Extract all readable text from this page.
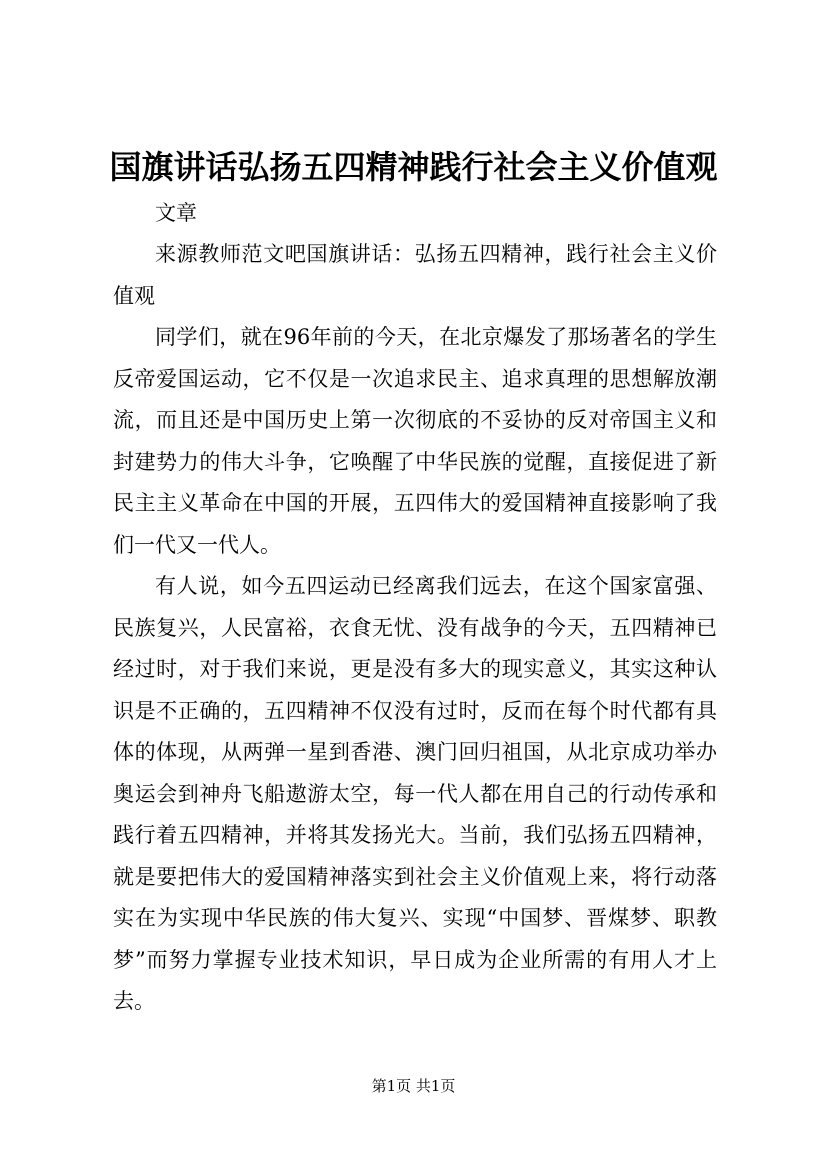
国旗讲话弘扬五四精神践行社会主义价值观

文章

来源教师范文吧国旗讲话：弘扬五四精神，践行社会主义价值观

同学们，就在96年前的今天，在北京爆发了那场著名的学生反帝爱国运动，它不仅是一次追求民主、追求真理的思想解放潮流，而且还是中国历史上第一次彻底的不妥协的反对帝国主义和封建势力的伟大斗争，它唤醒了中华民族的觉醒，直接促进了新民主主义革命在中国的开展，五四伟大的爱国精神直接影响了我们一代又一代人。

有人说，如今五四运动已经离我们远去，在这个国家富强、民族复兴，人民富裕，衣食无忧、没有战争的今天，五四精神已经过时，对于我们来说，更是没有多大的现实意义，其实这种认识是不正确的，五四精神不仅没有过时，反而在每个时代都有具体的体现，从两弹一星到香港、澳门回归祖国，从北京成功举办奥运会到神舟飞船遨游太空，每一代人都在用自己的行动传承和践行着五四精神，并将其发扬光大。当前，我们弘扬五四精神，就是要把伟大的爱国精神落实到社会主义价值观上来，将行动落实在为实现中华民族的伟大复兴、实现“中国梦、晋煤梦、职教梦”而努力掌握专业技术知识，早日成为企业所需的有用人才上去。

第1页 共1页
